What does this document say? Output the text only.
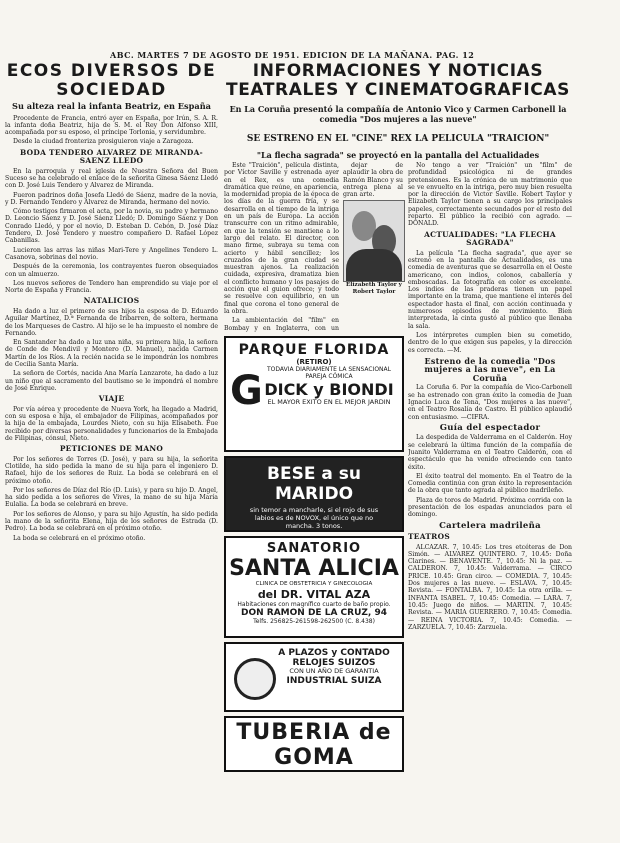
ABC. MARTES 7 DE AGOSTO DE 1951. EDICION DE LA MAÑANA. PAG. 12
ECOS DIVERSOS DE SOCIEDAD
Su alteza real la infanta Beatriz, en España

Procedente de Francia, entró ayer en España, por Irún, S. A. R. la infanta doña Beatriz, hija de S. M. el Rey Don Alfonso XIII, acompañada por su esposo, el príncipe Torlonia, y servidumbre.

Desde la ciudad fronteriza prosiguieron viaje a Zaragoza.

BODA TENDERO ALVAREZ DE MIRANDA-SAENZ LLEDO

En la parroquia y real iglesia de Nuestra Señora del Buen Suceso se ha celebrado el enlace de la señorita Ginesa Sáenz Lledó con D. José Luis Tendero y Alvarez de Miranda.

Fueron padrinos doña Josefa Lledó de Sáenz, madre de la novia, y D. Fernando Tendero y Alvarez de Miranda, hermano del novio.

Cómo testigos firmaron el acta, por la novia, su padre y hermano D. Leoncio Sáenz y D. José Sáenz Lledó; D. Domingo Sáenz y Don Conrado Lledó, y por el novio, D. Esteban D. Cebón, D. José Díaz Tendero, D. José Tendero y nuestro compañero D. Rafael López Cabanillas.

Lucieron las arras las niñas Mari-Tere y Angelines Tendero L. Casanova, sobrinas del novio.

Después de la ceremonia, los contrayentes fueron obsequiados con un almuerzo.

Los nuevos señores de Tendero han emprendido su viaje por el Norte de España y Francia.

NATALICIOS

Ha dado a luz el primero de sus hijos la esposa de D. Eduardo Aguilar Martínez, D.ª Fernanda de Iribarren, de soltera, hermana de los Marqueses de Castro. Al hijo se le ha impuesto el nombre de Fernando.

En Santander ha dado a luz una niña, su primera hija, la señora de Conde de Mendivil y Montero (D. Manuel), nacida Carmen Martín de los Ríos. A la recién nacida se le impondrán los nombres de Cecilia Santa María.

La señora de Cortés, nacida Ana María Lanzarote, ha dado a luz un niño que al sacramento del bautismo se le impondrá el nombre de José Enrique.

VIAJE

Por vía aérea y procedente de Nueva York, ha llegado a Madrid, con su esposa e hija, el embajador de Filipinas, acompañados por la hija de la embajada, Lourdes Nieto, con su hija Elisabeth. Fue recibido por diversas personalidades y funcionarios de la Embajada de Filipinas, cónsul, Nieto.

PETICIONES DE MANO

Por los señores de Torres (D. José), y para su hija, la señorita Clotilde, ha sido pedida la mano de su hija para el ingeniero D. Rafael, hijo de los señores de Ruiz. La boda se celebrará en el próximo otoño.

Por los señores de Díaz del Río (D. Luis), y para su hijo D. Angel, ha sido pedida a los señores de Vives, la mano de su hija María Eulalia. La boda se celebrará en breve.

Por los señores de Alonso, y para su hijo Agustín, ha sido pedida la mano de la señorita Elena, hija de los señores de Estrada (D. Pedro). La boda se celebrará en el próximo otoño.

La boda se celebrará en el próximo otoño.

INFORMACIONES Y NOTICIAS TEATRALES Y CINEMATOGRAFICAS
En La Coruña presentó la compañía de Antonio Vico y Carmen Carbonell la comedia "Dos mujeres a las nueve"
SE ESTRENO EN EL "CINE" REX LA PELICULA "TRAICION"
"La flecha sagrada" se proyectó en la pantalla del Actualidades

Este "Traición", película distinta, por Víctor Saville y estrenada ayer en el Rex, es una comedia dramática que reúne, en apariencia, la modernidad propia de la época de los días de la guerra fría, y se desarrolla en el tiempo de la intriga en un país de Europa. La acción transcurre con un ritmo admirable, en que la tensión se mantiene a lo largo del relato. El director, con mano firme, subraya su tema con acierto y hábil sencillez; los cruzados de la gran ciudad se muestran ajenos. La realización cuidada, expresiva, dramatiza bien el conflicto humano y los pasajes de acción que el guion ofrece; y todo se resuelve con equilibrio, en un final que corona el tono general de la obra.

La ambientación del "film" en Bombay y en Inglaterra, con un

dejar de aplaudir la obra de Ramón Blanco y su entrega plena al gran arte.

Elizabeth Taylor y Robert Taylor

No tengo a ver "Traición" un "film" de profundidad psicológica ni de grandes pretensiones. Es la crónica de un matrimonio que se ve envuelto en la intriga, pero muy bien resuelta por la dirección de Victor Saville. Robert Taylor y Elizabeth Taylor tienen a su cargo los principales papeles, correctamente secundados por el resto del reparto. El público la recibió con agrado. —DONALD.

ACTUALIDADES: "LA FLECHA SAGRADA"

La película "La flecha sagrada", que ayer se estrenó en la pantalla de Actualidades, es una comedia de aventuras que se desarrolla en el Oeste americano, con indios, colonos, caballería y emboscadas. La fotografía en color es excelente. Los indios de las praderas tienen un papel importante en la trama, que mantiene el interés del espectador hasta el final, con acción continuada y numerosos episodios de movimiento. Bien interpretada, la cinta gustó al público que llenaba la sala.

Los intérpretes cumplen bien su cometido, dentro de lo que exigen sus papeles, y la dirección es correcta. —M.

Estreno de la comedia "Dos mujeres a las nueve", en La Coruña

La Coruña 6. Por la compañía de Vico-Carbonell se ha estrenado con gran éxito la comedia de Juan Ignacio Luca de Tena, "Dos mujeres a las nueve", en el Teatro Rosalía de Castro. El público aplaudió con entusiasmo. —CIFRA.

Guía del espectador

La despedida de Valderrama en el Calderón. Hoy se celebrará la última función de la compañía de Juanito Valderrama en el Teatro Calderón, con el espectáculo que ha venido ofreciendo con tanto éxito.

El éxito teatral del momento. En el Teatro de la Comedia continúa con gran éxito la representación de la obra que tanto agrada al público madrileño.

Plaza de toros de Madrid. Próxima corrida con la presentación de los espadas anunciados para el domingo.

Cartelera madrileña
TEATROS

ALCAZAR. 7, 10.45: Los tres etcéteras de Don Simón. — ALVAREZ QUINTERO. 7, 10.45: Doña Clarines. — BENAVENTE. 7, 10.45: Ni la paz. — CALDERON. 7, 10.45: Valderrama. — CIRCO PRICE. 10.45: Gran circo. — COMEDIA. 7, 10.45: Dos mujeres a las nueve. — ESLAVA. 7, 10.45: Revista. — FONTALBA. 7, 10.45: La otra orilla. — INFANTA ISABEL. 7, 10.45: Comedia. — LARA. 7, 10.45: Juego de niños. — MARTIN. 7, 10.45: Revista. — MARIA GUERRERO. 7, 10.45: Comedia. — REINA VICTORIA. 7, 10.45: Comedia. — ZARZUELA. 7, 10.45: Zarzuela.

G
PARQUE FLORIDA
(RETIRO)
TODAVIA DIARIAMENTE LA SENSACIONAL PAREJA CÓMICA
DICK y BIONDI
EL MAYOR EXITO EN EL MEJOR JARDIN
BESE a su MARIDO
sin temor a mancharle, si el rojo de sus labios es de NOVOX, el único que no mancha. 3 tonos.
SANATORIO
SANTA ALICIA
CLINICA DE OBSTETRICIA Y GINECOLOGIA
del DR. VITAL AZA
Habitaciones con magnífico cuarto de baño propio.
DON RAMON DE LA CRUZ, 94
Telfs. 256825-261598-262500 (C. 8.438)
A PLAZOS y CONTADO RELOJES SUIZOS
CON UN AÑO DE GARANTIA
INDUSTRIAL SUIZA
TUBERIA de GOMA
